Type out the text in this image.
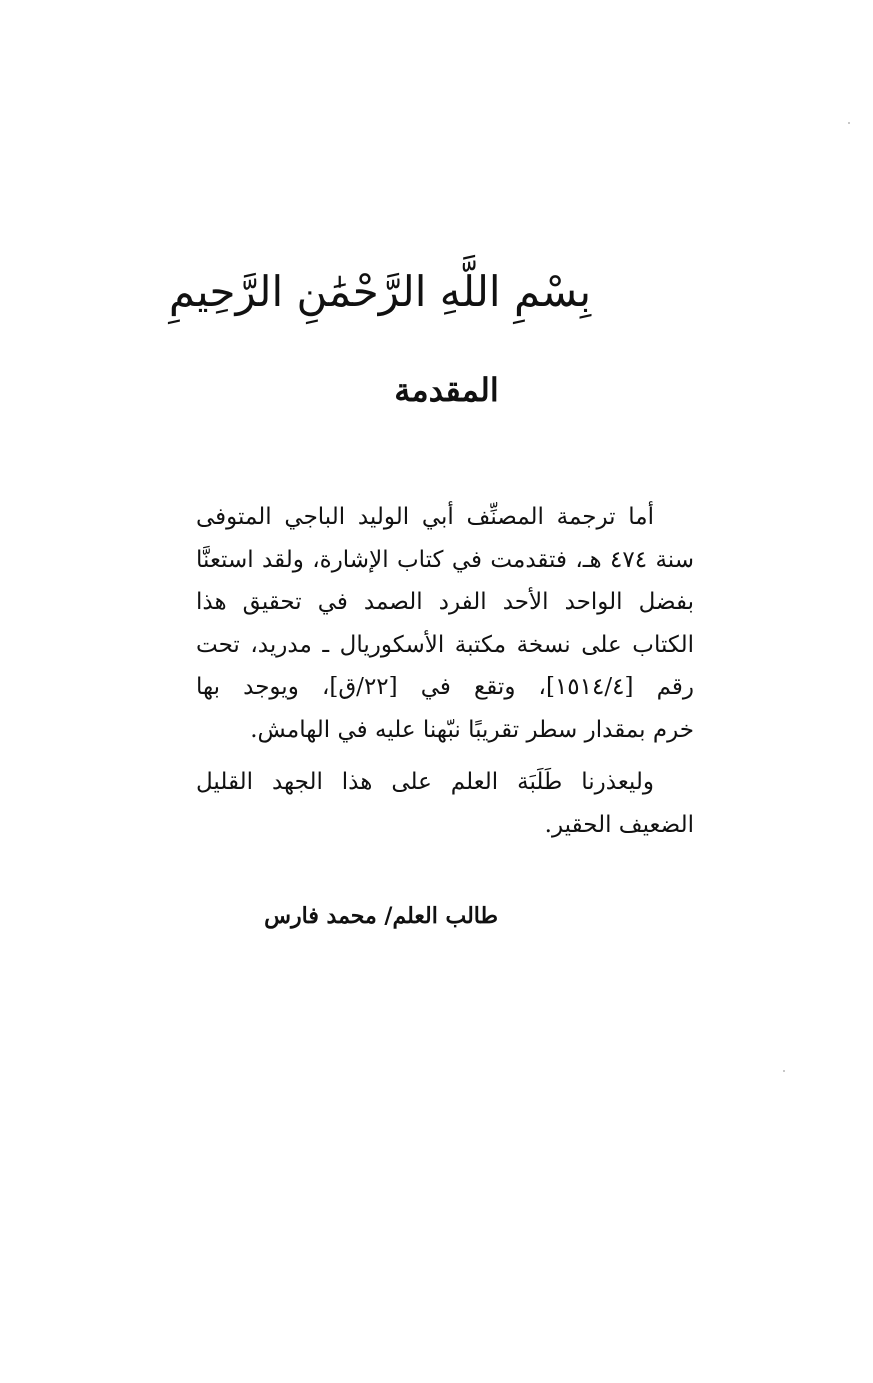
بِسْمِ اللَّهِ الرَّحْمَٰنِ الرَّحِيمِ
المقدمة
أما ترجمة المصنِّف أبي الوليد الباجي المتوفى
سنة ٤٧٤ هـ، فتقدمت في كتاب الإشارة، ولقد استعنَّا
بفضل الواحد الأحد الفرد الصمد في تحقيق هذا
الكتاب على نسخة مكتبة الأسكوريال ـ مدريد، تحت
رقم [١٥١٤/٤]، وتقع في [٢٢/ق]، ويوجد بها
خرم بمقدار سطر تقريبًا نبّهنا عليه في الهامش.
وليعذرنا طَلَبَة العلم على هذا الجهد القليل
الضعيف الحقير.
طالب العلم/ محمد فارس
